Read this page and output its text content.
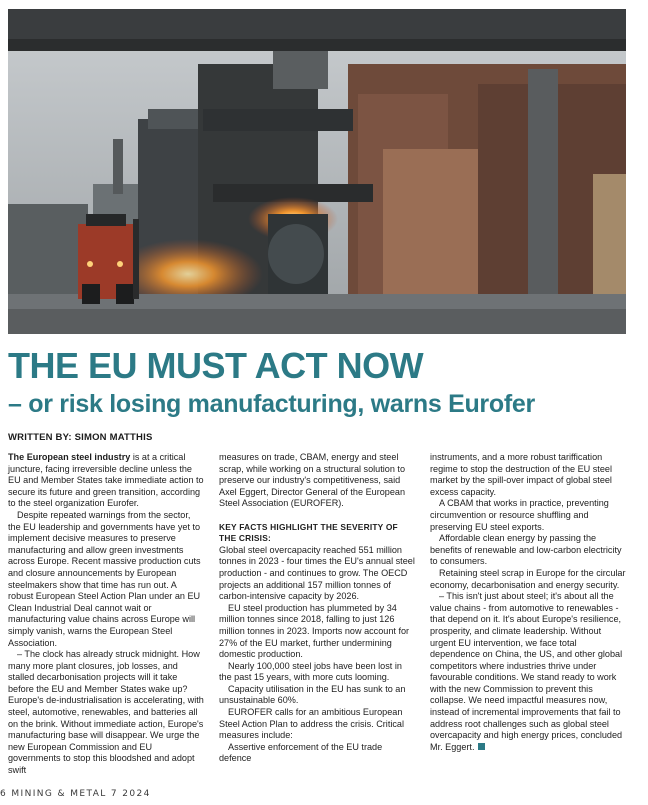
THE EU MUST ACT NOW
– or risk losing manufacturing, warns Eurofer
WRITTEN BY: SIMON MATTHIS

The European steel industry is at a critical juncture, facing irreversible decline unless the EU and Member States take immediate action to secure its future and green transition, according to the steel organization Eurofer.

Despite repeated warnings from the sector, the EU leadership and governments have yet to implement decisive measures to preserve manufacturing and allow green investments across Europe. Recent massive production cuts and closure announcements by European steelmakers show that time has run out. A robust European Steel Action Plan under an EU Clean Industrial Deal cannot wait or manufacturing value chains across Europe will simply vanish, warns the European Steel Association.

– The clock has already struck midnight. How many more plant closures, job losses, and stalled decarbonisation projects will it take before the EU and Member States wake up? Europe's de-industrialisation is accelerating, with steel, automotive, renewables, and batteries all on the brink. Without immediate action, Europe's manufacturing base will disappear. We urge the new European Commission and EU governments to stop this bloodshed and adopt swift

measures on trade, CBAM, energy and steel scrap, while working on a structural solution to preserve our industry's competitiveness, said Axel Eggert, Director General of the European Steel Association (EUROFER).

KEY FACTS HIGHLIGHT THE SEVERITY OF THE CRISIS:

Global steel overcapacity reached 551 million tonnes in 2023 - four times the EU's annual steel production - and continues to grow. The OECD projects an additional 157 million tonnes of carbon-intensive capacity by 2026.

EU steel production has plummeted by 34 million tonnes since 2018, falling to just 126 million tonnes in 2023. Imports now account for 27% of the EU market, further undermining domestic production.

Nearly 100,000 steel jobs have been lost in the past 15 years, with more cuts looming.

Capacity utilisation in the EU has sunk to an unsustainable 60%.

EUROFER calls for an ambitious European Steel Action Plan to address the crisis. Critical measures include:

Assertive enforcement of the EU trade defence

instruments, and a more robust tariffication regime to stop the destruction of the EU steel market by the spill-over impact of global steel excess capacity.

A CBAM that works in practice, preventing circumvention or resource shuffling and preserving EU steel exports.

Affordable clean energy by passing the benefits of renewable and low-carbon electricity to consumers.

Retaining steel scrap in Europe for the circular economy, decarbonisation and energy security.

– This isn't just about steel; it's about all the value chains - from automotive to renewables - that depend on it. It's about Europe's resilience, prosperity, and climate leadership. Without urgent EU intervention, we face total dependence on China, the US, and other global competitors where industries thrive under favourable conditions. We stand ready to work with the new Commission to prevent this collapse. We need impactful measures now, instead of incremental improvements that fail to address root challenges such as global steel overcapacity and high energy prices, concluded Mr. Eggert.

6 MINING & METAL 7 2024
